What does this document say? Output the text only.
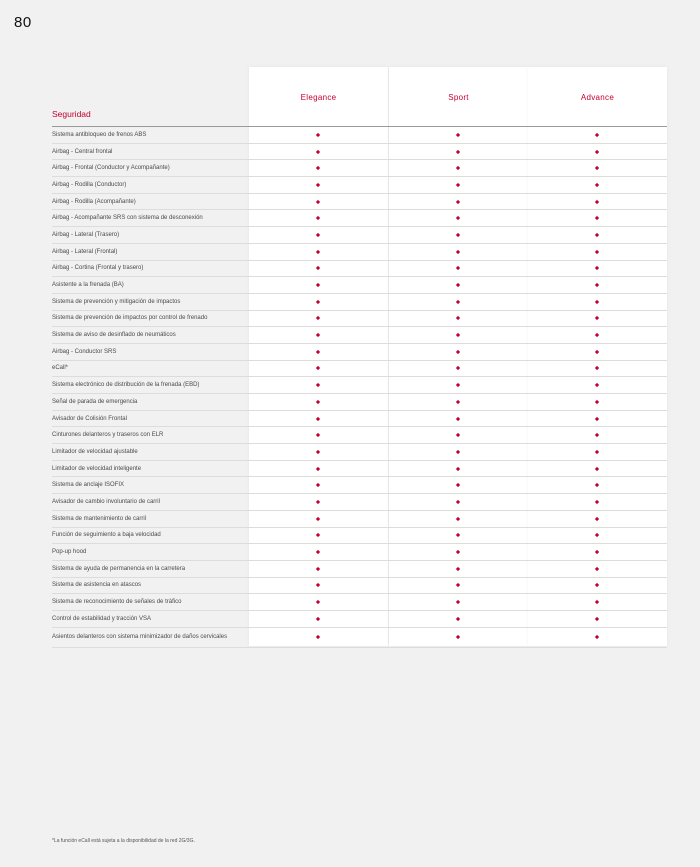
80
Seguridad
Elegance	Sport	Advance
Sistema antibloqueo de frenos ABS
Airbag - Central frontal
Airbag - Frontal (Conductor y Acompañante)
Airbag - Rodilla (Conductor)
Airbag - Rodilla (Acompañante)
Airbag - Acompañante SRS con sistema de desconexión
Airbag - Lateral (Trasero)
Airbag - Lateral (Frontal)
Airbag - Cortina (Frontal y trasero)
Asistente a la frenada (BA)
Sistema de prevención y mitigación de impactos
Sistema de prevención de impactos por control de frenado
Sistema de aviso de desinflado de neumáticos
Airbag - Conductor SRS
eCall*
Sistema electrónico de distribución de la frenada (EBD)
Señal de parada de emergencia
Avisador de Colisión Frontal
Cinturones delanteros y traseros con ELR
Limitador de velocidad ajustable
Limitador de velocidad inteligente
Sistema de anclaje ISOFIX
Avisador de cambio involuntario de carril
Sistema de mantenimiento de carril
Función de seguimiento a baja velocidad
Pop-up hood
Sistema de ayuda de permanencia en la carretera
Sistema de asistencia en atascos
Sistema de reconocimiento de señales de tráfico
Control de estabilidad y tracción VSA
Asientos delanteros con sistema minimizador de daños cervicales
*La función eCall está sujeta a la disponibilidad de la red 2G/3G.
